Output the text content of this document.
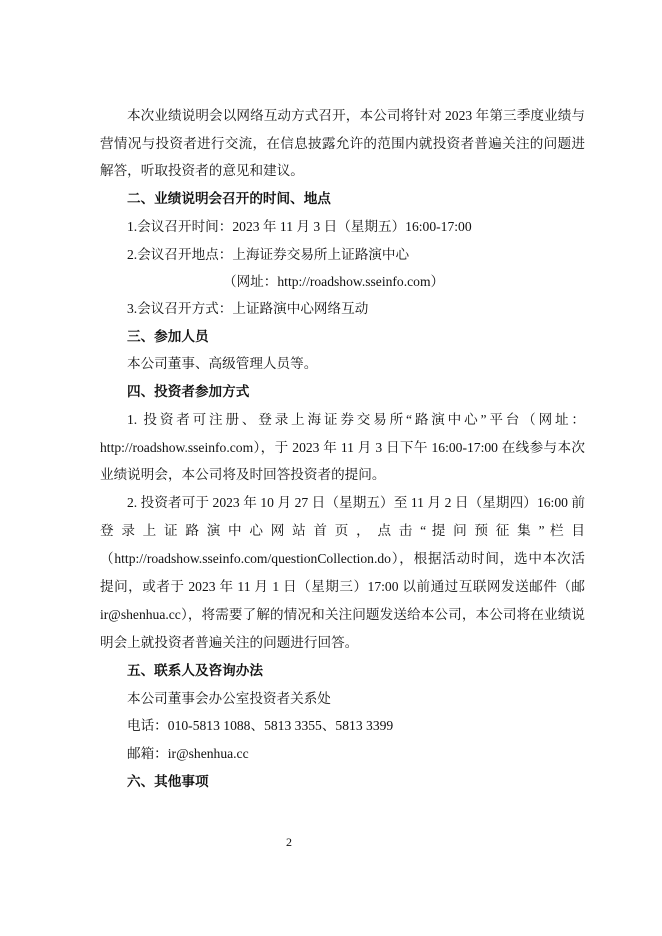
本次业绩说明会以网络互动方式召开，本公司将针对 2023 年第三季度业绩与
营情况与投资者进行交流，在信息披露允许的范围内就投资者普遍关注的问题进
解答，听取投资者的意见和建议。
二、业绩说明会召开的时间、地点
1.会议召开时间：2023 年 11 月 3 日（星期五）16:00-17:00
2.会议召开地点：上海证券交易所上证路演中心
（网址：http://roadshow.sseinfo.com）
3.会议召开方式：上证路演中心网络互动
三、参加人员
本公司董事、高级管理人员等。
四、投资者参加方式
1. 投资者可注册、登录上海证券交易所“路演中心”平台（网址：
http://roadshow.sseinfo.com），于 2023 年 11 月 3 日下午 16:00-17:00 在线参与本次
业绩说明会，本公司将及时回答投资者的提问。
2. 投资者可于 2023 年 10 月 27 日（星期五）至 11 月 2 日（星期四）16:00 前
登 录 上 证 路 演 中 心 网 站 首 页 ， 点 击 “ 提 问 预 征 集 ” 栏 目
（http://roadshow.sseinfo.com/questionCollection.do），根据活动时间，选中本次活
提问，或者于 2023 年 11 月 1 日（星期三）17:00 以前通过互联网发送邮件（邮
ir@shenhua.cc），将需要了解的情况和关注问题发送给本公司，本公司将在业绩说
明会上就投资者普遍关注的问题进行回答。
五、联系人及咨询办法
本公司董事会办公室投资者关系处
电话：010-5813 1088、5813 3355、5813 3399
邮箱：ir@shenhua.cc
六、其他事项
2
